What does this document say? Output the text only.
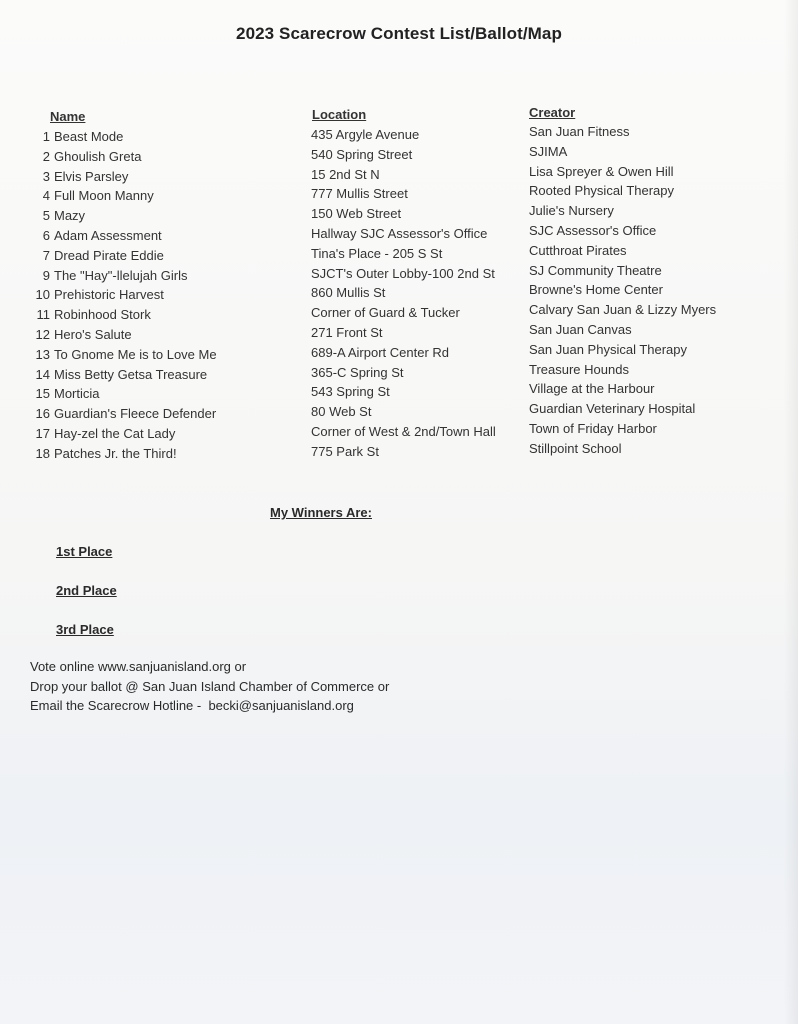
2023 Scarecrow Contest List/Ballot/Map
Name	Location	Creator
1 Beast Mode
2 Ghoulish Greta
3 Elvis Parsley
4 Full Moon Manny
5 Mazy
6 Adam Assessment
7 Dread Pirate Eddie
9 The "Hay"-llelujah Girls
10 Prehistoric Harvest
11 Robinhood Stork
12 Hero's Salute
13 To Gnome Me is to Love Me
14 Miss Betty Getsa Treasure
15 Morticia
16 Guardian's Fleece Defender
17 Hay-zel the Cat Lady
18 Patches Jr. the Third!
435 Argyle Avenue
540 Spring Street
15 2nd St N
777 Mullis Street
150 Web Street
Hallway SJC Assessor's Office
Tina's Place - 205 S St
SJCT's Outer Lobby-100 2nd St
860 Mullis St
Corner of Guard & Tucker
271 Front St
689-A Airport Center Rd
365-C Spring St
543 Spring St
80 Web St
Corner of West & 2nd/Town Hall
775 Park St
San Juan Fitness
SJIMA
Lisa Spreyer & Owen Hill
Rooted Physical Therapy
Julie's Nursery
SJC Assessor's Office
Cutthroat Pirates
SJ Community Theatre
Browne's Home Center
Calvary San Juan & Lizzy Myers
San Juan Canvas
San Juan Physical Therapy
Treasure Hounds
Village at the Harbour
Guardian Veterinary Hospital
Town of Friday Harbor
Stillpoint School
My Winners Are:
1st Place
2nd Place
3rd Place
Vote online www.sanjuanisland.org or
Drop your ballot @ San Juan Island Chamber of Commerce or
Email the Scarecrow Hotline -  becki@sanjuanisland.org
